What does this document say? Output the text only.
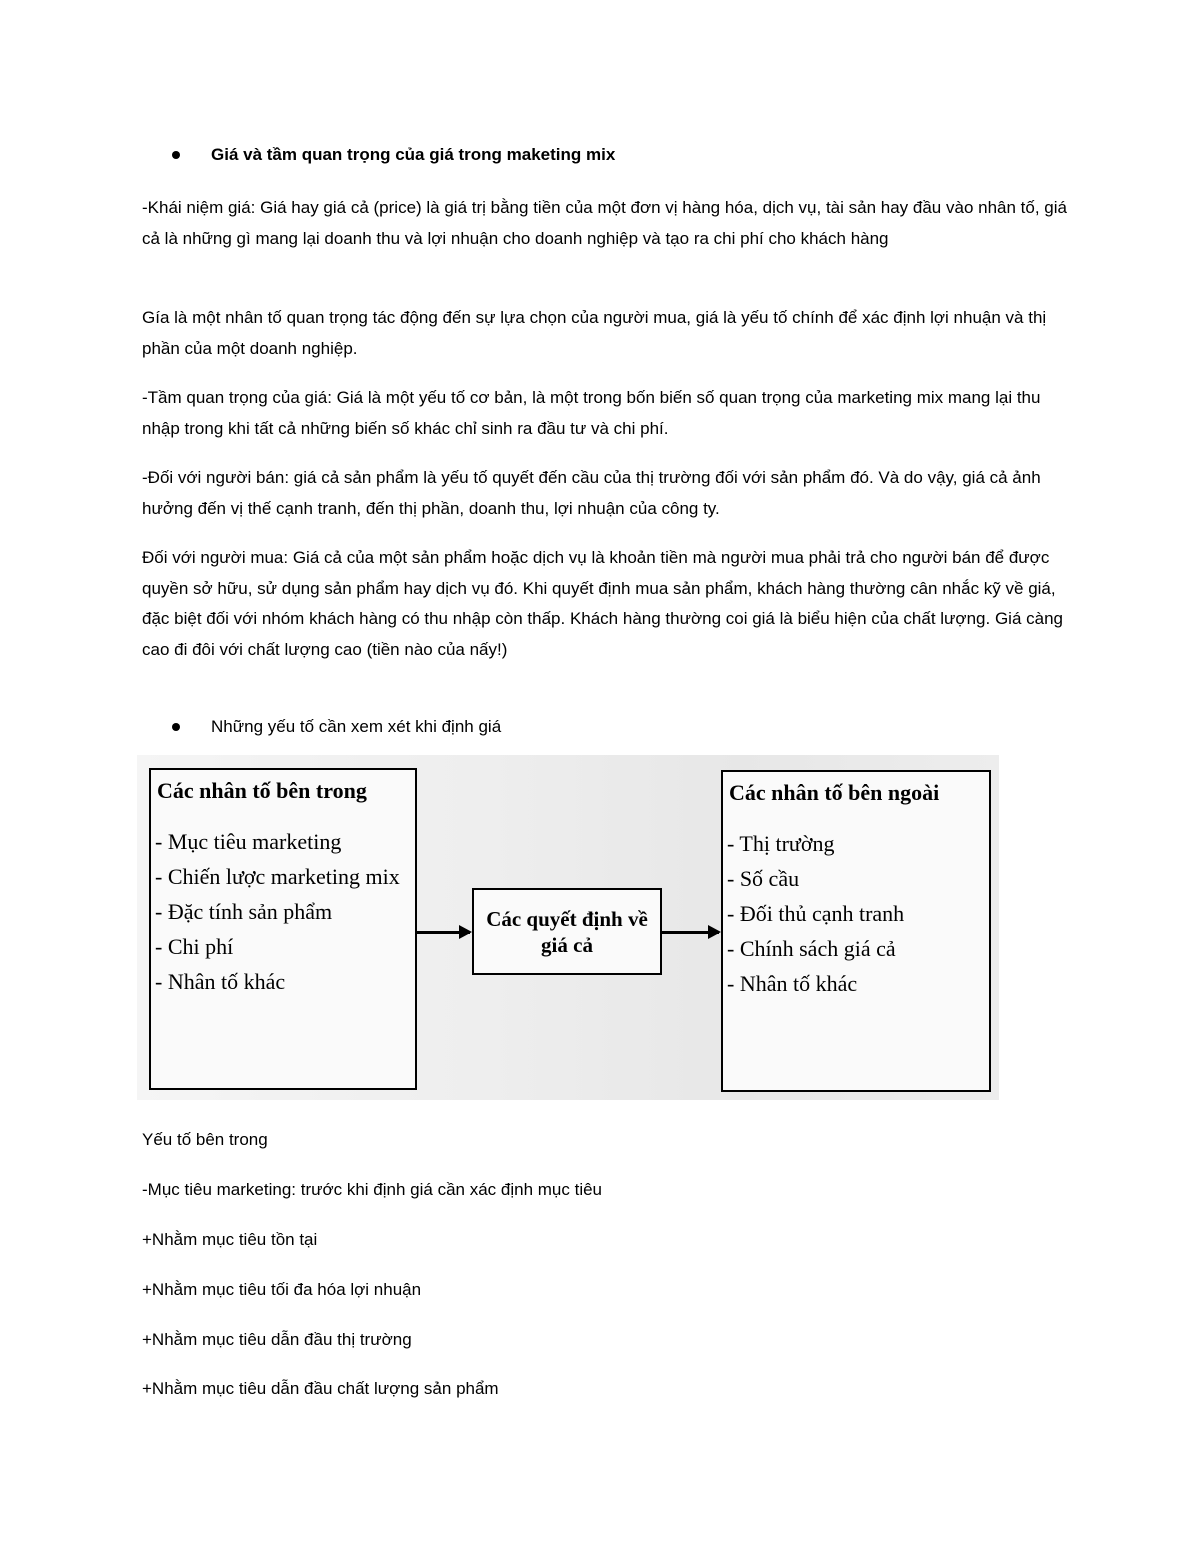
Giá và tầm quan trọng của giá trong maketing mix

-Khái niệm giá: Giá hay giá cả (price) là giá trị bằng tiền của một đơn vị hàng hóa, dịch vụ, tài sản hay đầu vào nhân tố, giá cả là những gì mang lại doanh thu và lợi nhuận cho doanh nghiệp và tạo ra chi phí cho khách hàng

Gía là một nhân tố quan trọng tác động đến sự lựa chọn của người mua, giá là yếu tố chính để xác định lợi nhuận và thị phần của một doanh nghiệp.

-Tầm quan trọng của giá: Giá là một yếu tố cơ bản, là một trong bốn biến số quan trọng của marketing mix mang lại thu nhập trong khi tất cả những biến số khác chỉ sinh ra đầu tư và chi phí.

-Đối với người bán: giá cả sản phẩm là yếu tố quyết đến cầu của thị trường đối với sản phẩm đó. Và do vậy, giá cả ảnh hưởng đến vị thế cạnh tranh, đến thị phần, doanh thu, lợi nhuận của công ty.

Đối với người mua: Giá cả của một sản phẩm hoặc dịch vụ là khoản tiền mà người mua phải trả cho người bán để được quyền sở hữu, sử dụng sản phẩm hay dịch vụ đó. Khi quyết định mua sản phẩm, khách hàng thường cân nhắc kỹ về giá, đặc biệt đối với nhóm khách hàng có thu nhập còn thấp. Khách hàng thường coi giá là biểu hiện của chất lượng. Giá càng cao đi đôi với chất lượng cao (tiền nào của nấy!)

Những yếu tố cần xem xét khi định giá
Các nhân tố bên trong
- Mục tiêu marketing
- Chiến lược marketing mix
- Đặc tính sản phẩm
- Chi phí
- Nhân tố khác
Các quyết định về giá cả
Các nhân tố bên ngoài
- Thị trường
- Số cầu
- Đối thủ cạnh tranh
- Chính sách giá cả
- Nhân tố khác
Yếu tố bên trong
-Mục tiêu marketing: trước khi định giá cần xác định mục tiêu
+Nhằm mục tiêu tồn tại
+Nhằm mục tiêu tối đa hóa lợi nhuận
+Nhằm mục tiêu dẫn đầu thị trường
+Nhằm mục tiêu dẫn đầu chất lượng sản phẩm
